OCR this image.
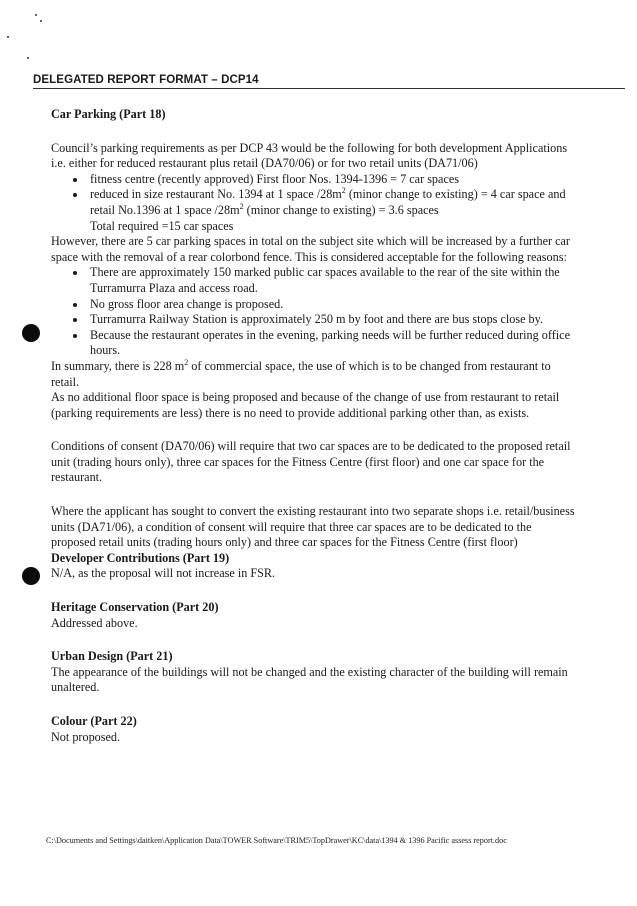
DELEGATED REPORT FORMAT – DCP14

Car Parking (Part 18)

Council’s parking requirements as per DCP 43 would be the following for both development Applications i.e. either for reduced restaurant plus retail (DA70/06) or for two retail units (DA71/06)

fitness centre (recently approved) First floor Nos. 1394-1396 = 7 car spaces
reduced in size restaurant No. 1394 at 1 space $/28m^2$ (minor change to existing) = 4 car space and

retail No.1396 at 1 space $/28m^2$ (minor change to existing) = 3.6 spaces

Total required =15 car spaces

However, there are 5 car parking spaces in total on the subject site which will be increased by a further car space with the removal of a rear colorbond fence. This is considered acceptable for the following reasons:

There are approximately 150 marked public car spaces available to the rear of the site within the Turramurra Plaza and access road.
No gross floor area change is proposed.
Turramurra Railway Station is approximately 250 m by foot and there are bus stops close by.
Because the restaurant operates in the evening, parking needs will be further reduced during office hours.

In summary, there is 228 $m^2$ of commercial space, the use of which is to be changed from restaurant to retail.

As no additional floor space is being proposed and because of the change of use from restaurant to retail (parking requirements are less) there is no need to provide additional parking other than, as exists.

Conditions of consent (DA70/06) will require that two car spaces are to be dedicated to the proposed retail unit (trading hours only), three car spaces for the Fitness Centre (first floor) and one car space for the restaurant.

Where the applicant has sought to convert the existing restaurant into two separate shops i.e. retail/business units (DA71/06), a condition of consent will require that three car spaces are to be dedicated to the proposed retail units (trading hours only) and three car spaces for the Fitness Centre (first floor)

Developer Contributions (Part 19)

N/A, as the proposal will not increase in FSR.

Heritage Conservation (Part 20)

Addressed above.

Urban Design (Part 21)

The appearance of the buildings will not be changed and the existing character of the building will remain unaltered.

Colour (Part 22)

Not proposed.

C:\Documents and Settings\daitken\Application Data\TOWER Software\TRIM5\TopDrawer\KC\data\1394 & 1396 Pacific assess report.doc
